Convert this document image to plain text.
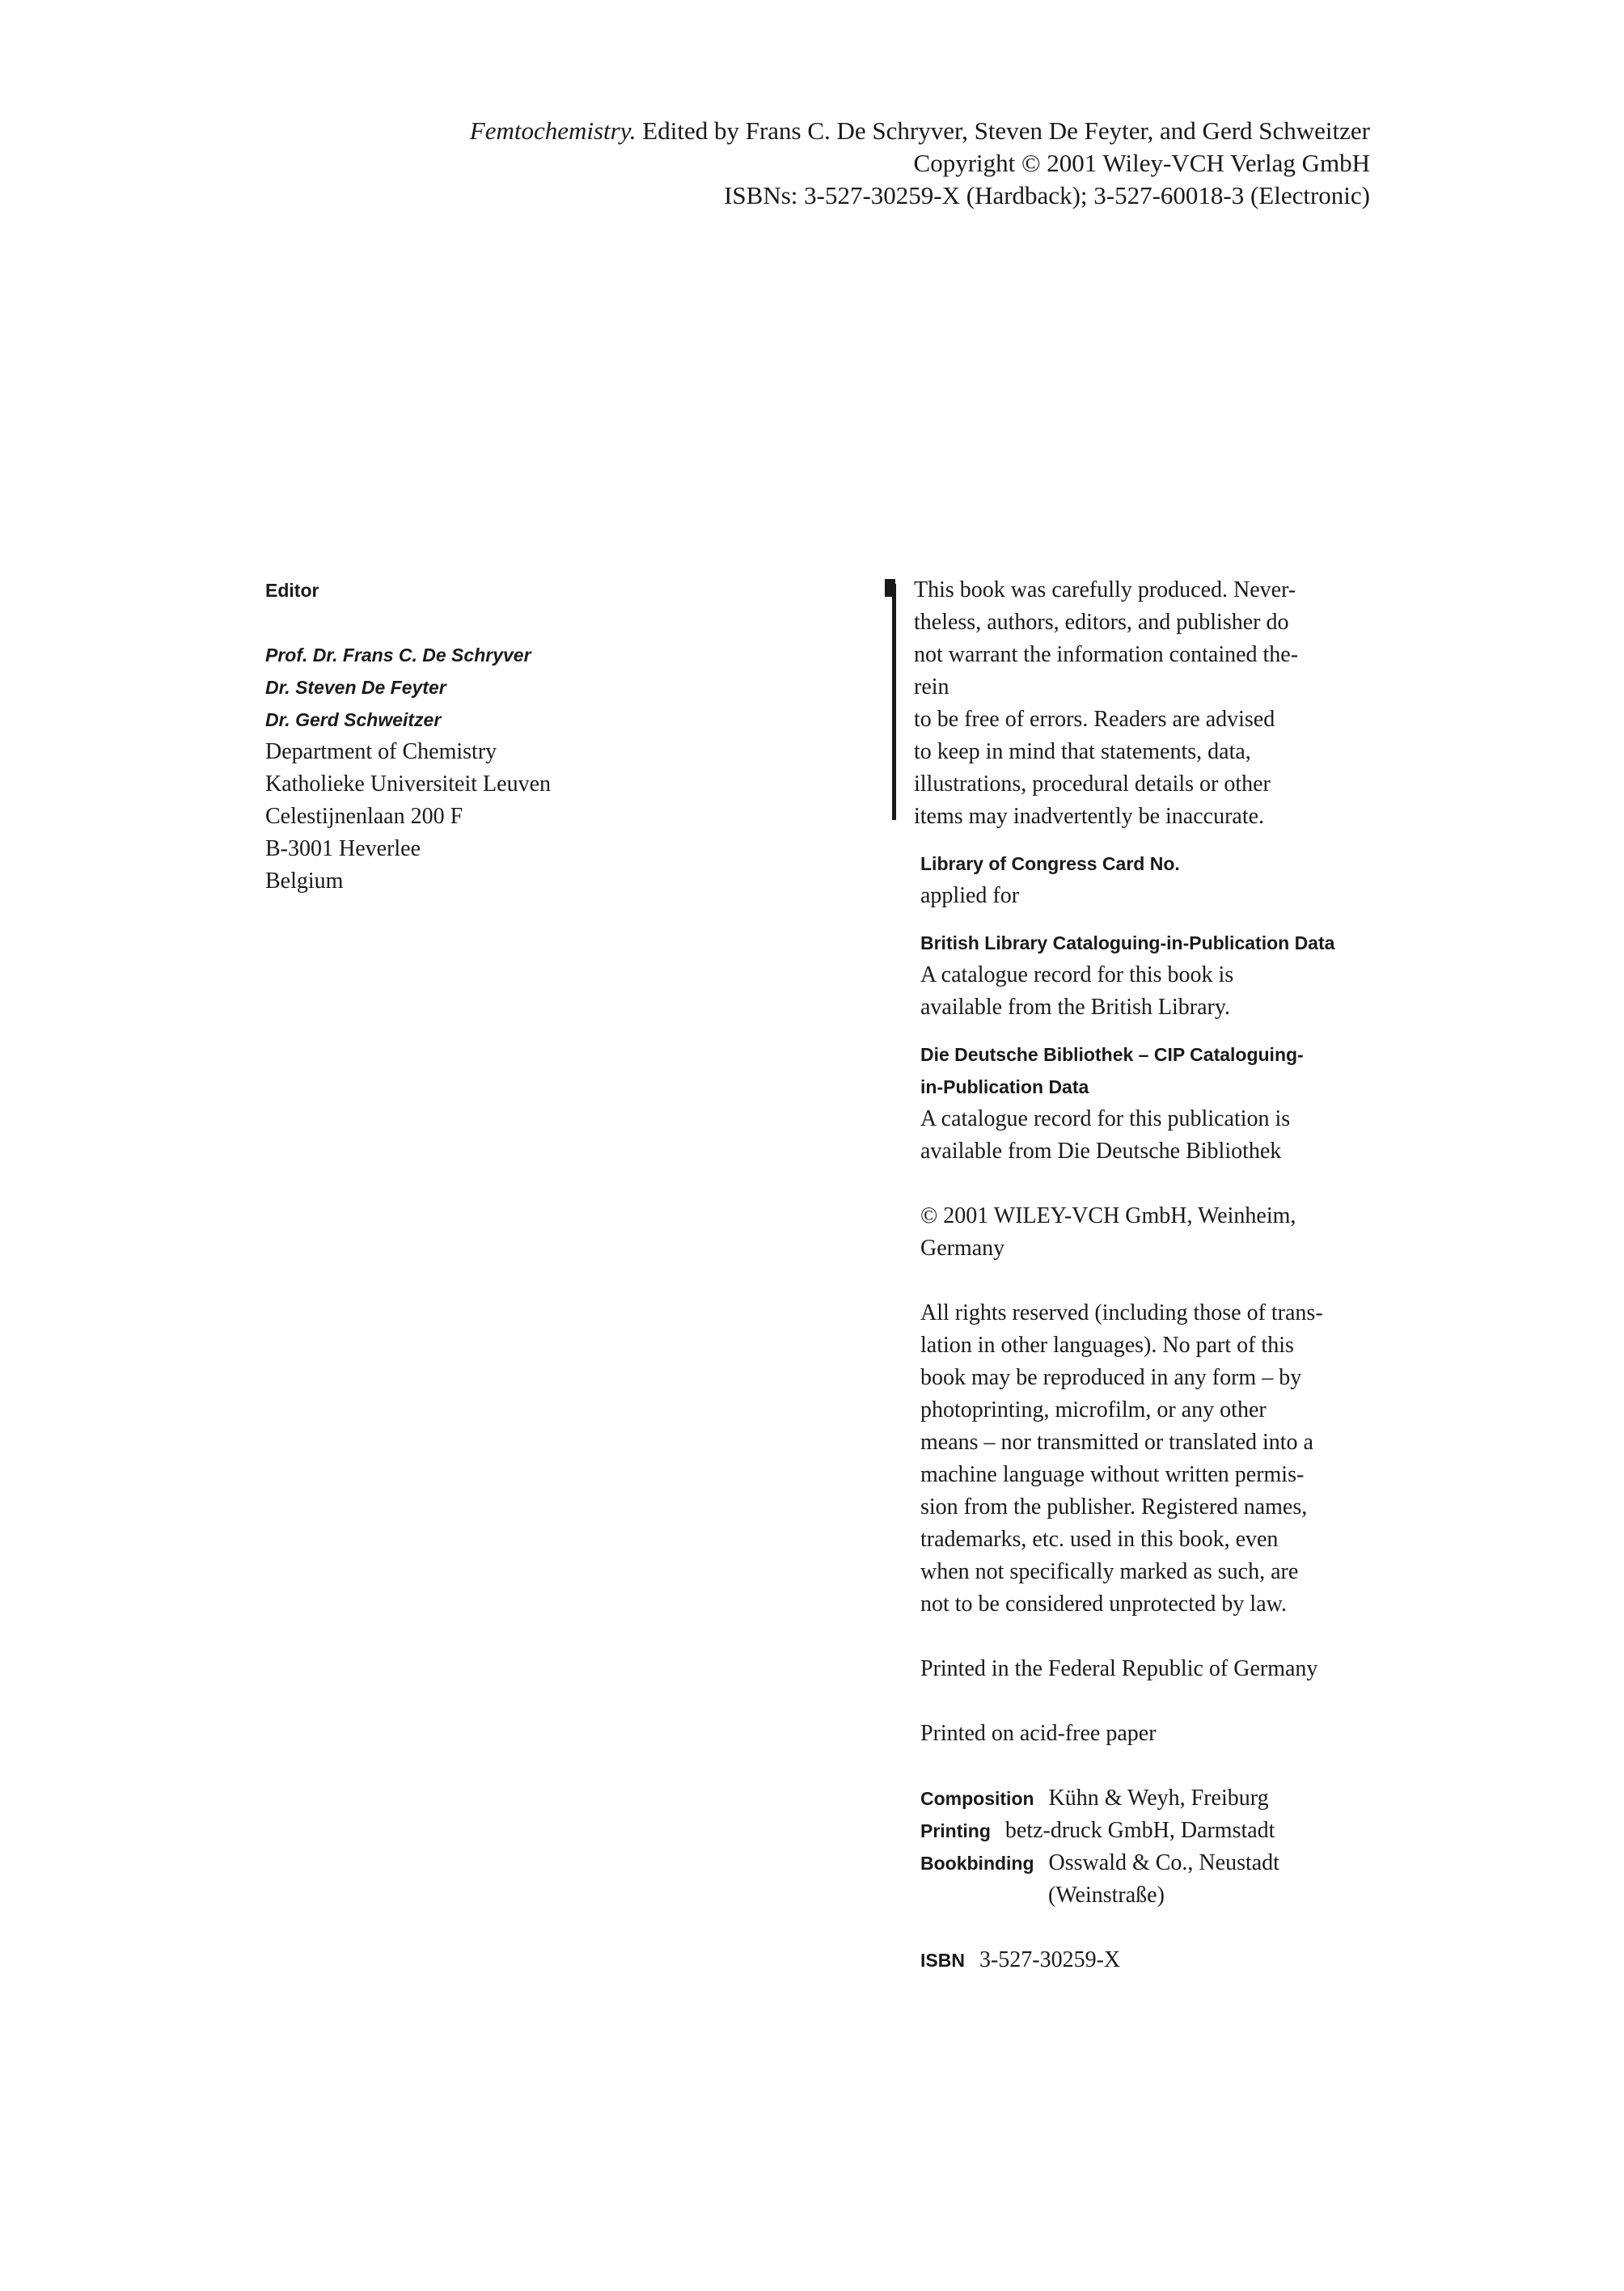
Femtochemistry. Edited by Frans C. De Schryver, Steven De Feyter, and Gerd Schweitzer
Copyright © 2001 Wiley-VCH Verlag GmbH
ISBNs: 3-527-30259-X (Hardback); 3-527-60018-3 (Electronic)
Editor
Prof. Dr. Frans C. De Schryver
Dr. Steven De Feyter
Dr. Gerd Schweitzer
Department of Chemistry
Katholieke Universiteit Leuven
Celestijnenlaan 200 F
B-3001 Heverlee
Belgium
This book was carefully produced. Never-
theless, authors, editors, and publisher do
not warrant the information contained the-
rein
to be free of errors. Readers are advised
to keep in mind that statements, data,
illustrations, procedural details or other
items may inadvertently be inaccurate.
Library of Congress Card No.
applied for
British Library Cataloguing-in-Publication Data
A catalogue record for this book is
available from the British Library.
Die Deutsche Bibliothek – CIP Cataloguing-
in-Publication Data
A catalogue record for this publication is
available from Die Deutsche Bibliothek
© 2001 WILEY-VCH GmbH, Weinheim,
Germany
All rights reserved (including those of trans-
lation in other languages). No part of this
book may be reproduced in any form – by
photoprinting, microfilm, or any other
means – nor transmitted or translated into a
machine language without written permis-
sion from the publisher. Registered names,
trademarks, etc. used in this book, even
when not specifically marked as such, are
not to be considered unprotected by law.
Printed in the Federal Republic of Germany
Printed on acid-free paper
Composition Kühn & Weyh, Freiburg
Printing betz-druck GmbH, Darmstadt
Bookbinding Osswald & Co., Neustadt
(Weinstraße)
ISBN 3-527-30259-X
